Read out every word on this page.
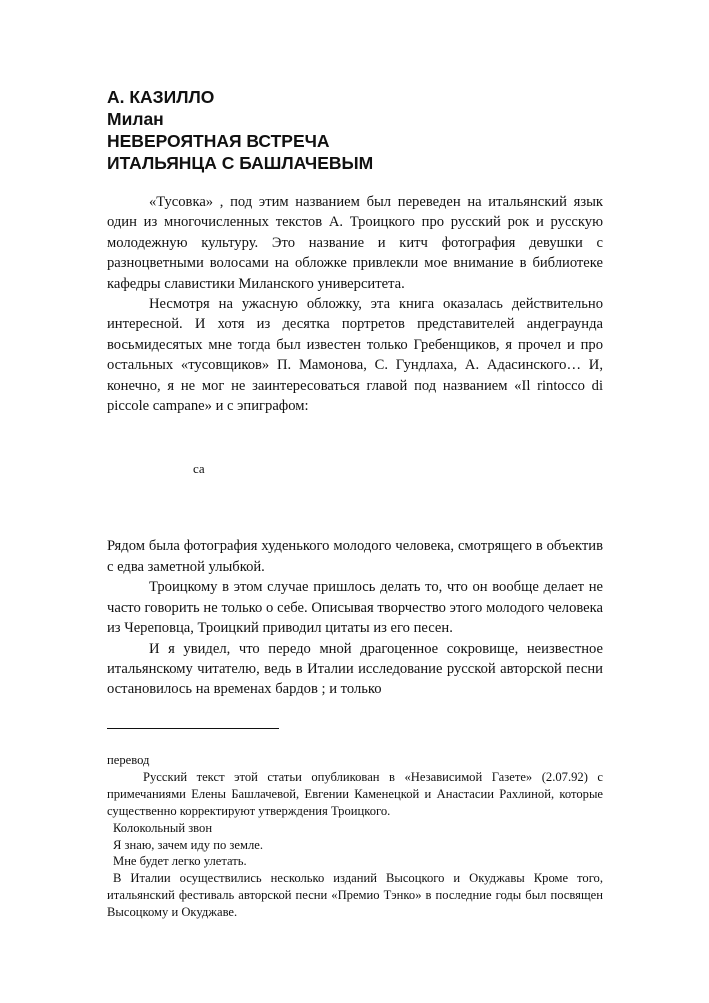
А. КАЗИЛЛО
Милан
НЕВЕРОЯТНАЯ ВСТРЕЧА
ИТАЛЬЯНЦА С БАШЛАЧЕВЫМ

«Тусовка» , под этим названием был переведен на итальянский язык один из многочисленных текстов А. Троицкого про русский рок и русскую молодежную культуру. Это название и китч фотография девушки с разноцветными волосами на обложке привлекли мое внимание в библиотеке кафедры славистики Миланского университета.

Несмотря на ужасную обложку, эта книга оказалась действительно интересной. И хотя из десятка портретов представителей андеграунда восьмидесятых мне тогда был известен только Гребенщиков, я прочел и про остальных «тусовщиков» П. Мамонова, С. Гундлаха, А. Адасинского… И, конечно, я не мог не заинтересоваться главой под названием «Il rintocco di piccole campane» и с эпиграфом:

са

Рядом была фотография худенького молодого человека, смотрящего в объектив с едва заметной улыбкой.

Троицкому в этом случае пришлось делать то, что он вообще делает не часто говорить не только о себе. Описывая творчество этого молодого человека из Череповца, Троицкий приводил цитаты из его песен.

И я увидел, что передо мной драгоценное сокровище, неизвестное итальянскому читателю, ведь в Италии исследование русской авторской песни остановилось на временах бардов ; и только

перевод

Русский текст этой статьи опубликован в «Независимой Газете» (2.07.92) с примечаниями Елены Башлачевой, Евгении Каменецкой и Анастасии Рахлиной, которые существенно корректируют утверждения Троицкого.

Колокольный звон

Я знаю, зачем иду по земле.

Мне будет легко улетать.

В Италии осуществились несколько изданий Высоцкого и Окуджавы Кроме того, итальянский фестиваль авторской песни «Премио Тэнко» в последние годы был посвящен Высоцкому и Окуджаве.
